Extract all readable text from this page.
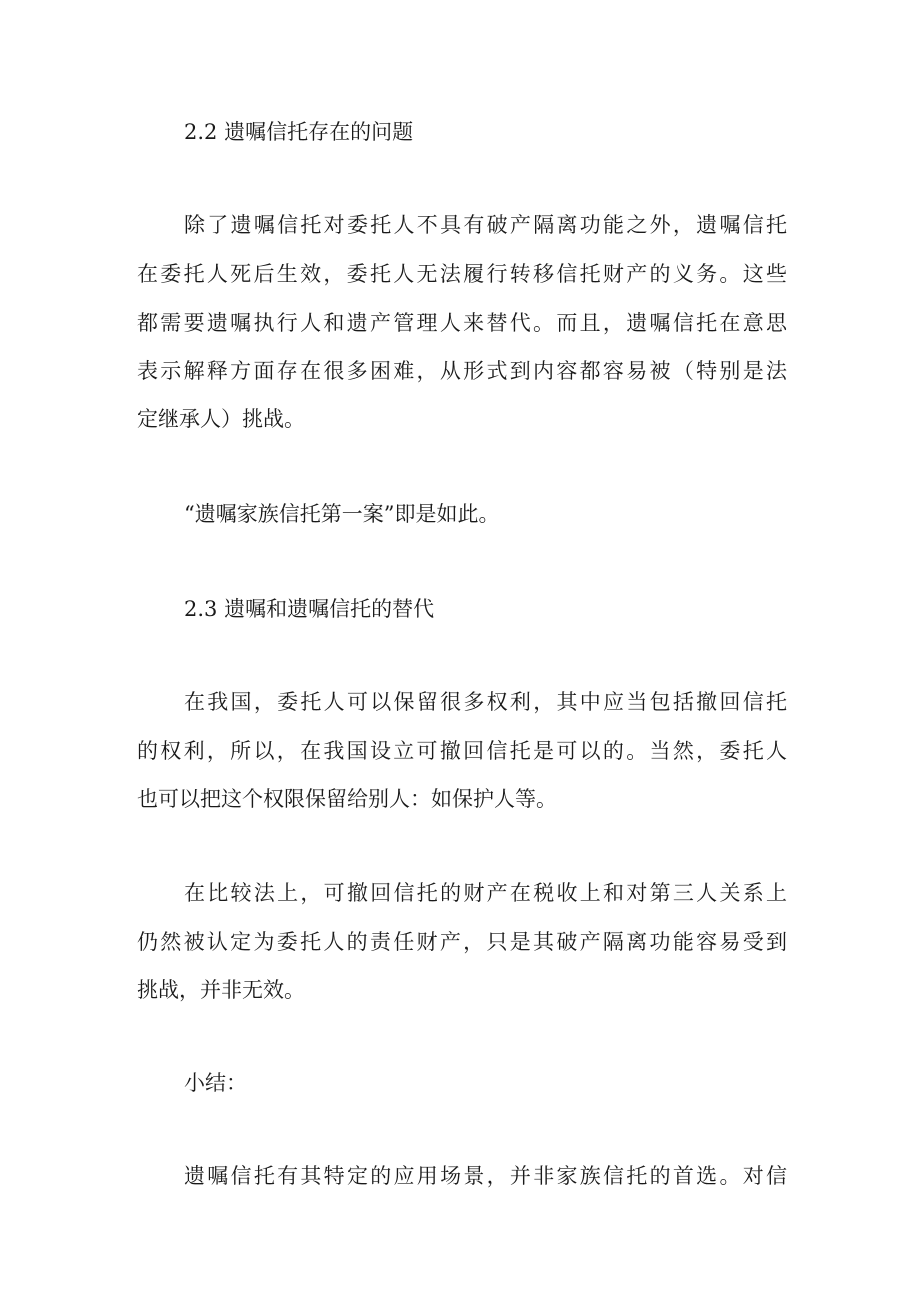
2.2 遗嘱信托存在的问题
除了遗嘱信托对委托人不具有破产隔离功能之外，遗嘱信托
在委托人死后生效，委托人无法履行转移信托财产的义务。这些
都需要遗嘱执行人和遗产管理人来替代。而且，遗嘱信托在意思
表示解释方面存在很多困难，从形式到内容都容易被（特别是法
定继承人）挑战。
“遗嘱家族信托第一案”即是如此。
2.3 遗嘱和遗嘱信托的替代
在我国，委托人可以保留很多权利，其中应当包括撤回信托
的权利，所以，在我国设立可撤回信托是可以的。当然，委托人
也可以把这个权限保留给别人：如保护人等。
在比较法上，可撤回信托的财产在税收上和对第三人关系上
仍然被认定为委托人的责任财产，只是其破产隔离功能容易受到
挑战，并非无效。
小结：
遗嘱信托有其特定的应用场景，并非家族信托的首选。对信
